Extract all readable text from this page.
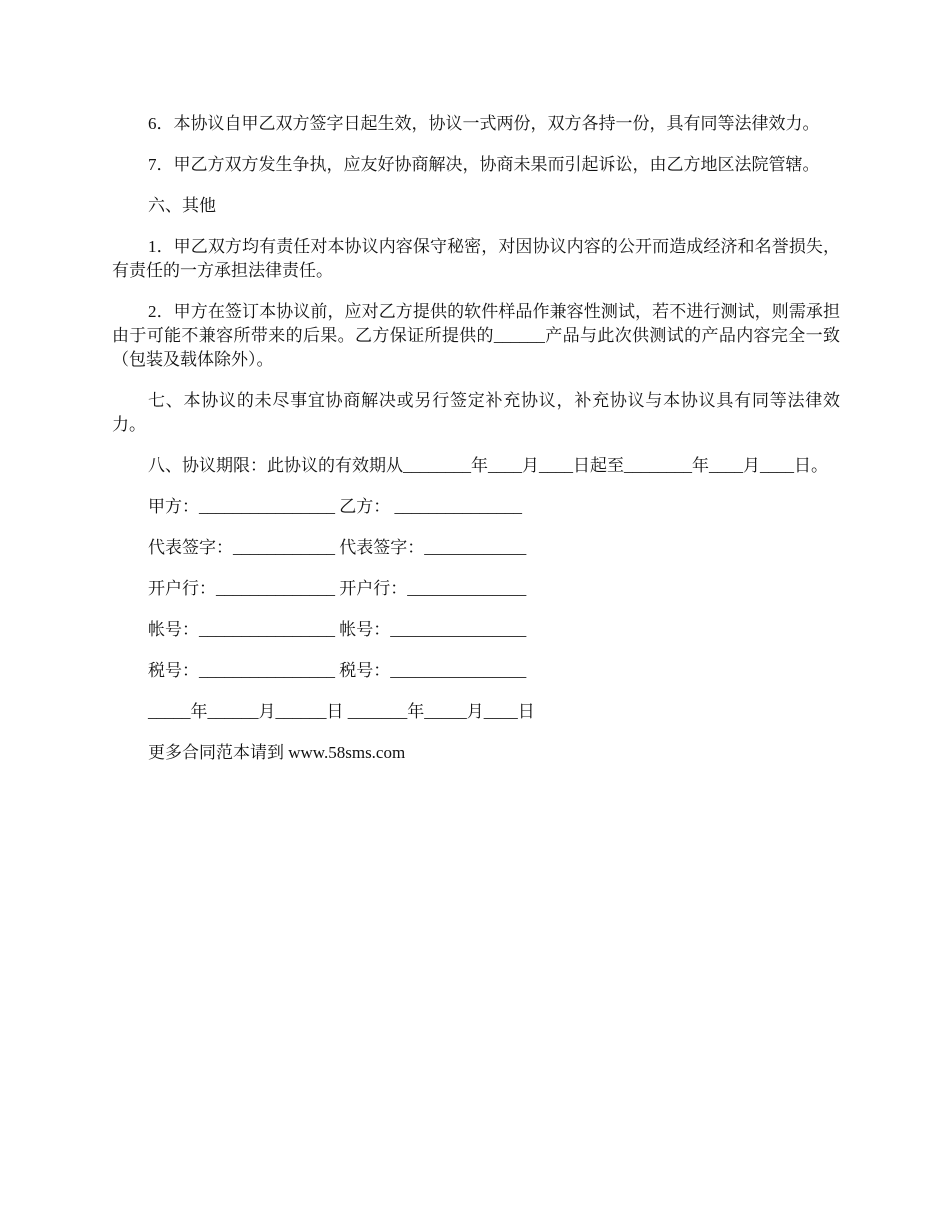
6．本协议自甲乙双方签字日起生效，协议一式两份，双方各持一份，具有同等法律效力。

7．甲乙方双方发生争执，应友好协商解决，协商未果而引起诉讼，由乙方地区法院管辖。

六、其他

1．甲乙双方均有责任对本协议内容保守秘密，对因协议内容的公开而造成经济和名誉损失，有责任的一方承担法律责任。

2．甲方在签订本协议前，应对乙方提供的软件样品作兼容性测试，若不进行测试，则需承担由于可能不兼容所带来的后果。乙方保证所提供的______产品与此次供测试的产品内容完全一致（包装及载体除外）。

七、本协议的未尽事宜协商解决或另行签定补充协议，补充协议与本协议具有同等法律效力。

八、协议期限：此协议的有效期从________年____月____日起至________年____月____日。

甲方：________________ 乙方： _______________
代表签字：____________ 代表签字：____________
开户行：______________ 开户行：______________
帐号：________________ 帐号：________________
税号：________________ 税号：________________
_____年______月______日 _______年_____月____日
更多合同范本请到 www.58sms.com
